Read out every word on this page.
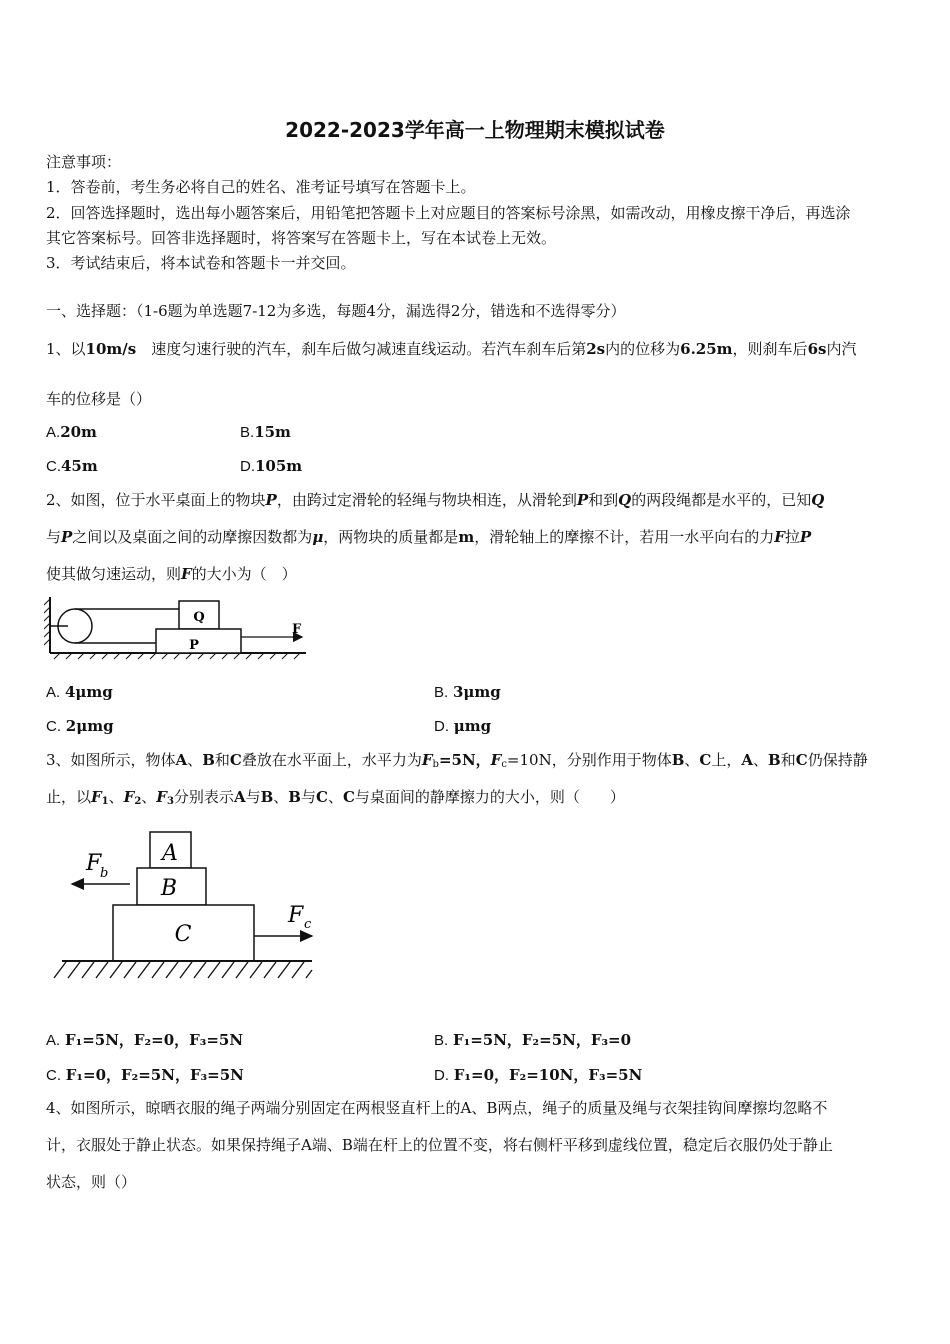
2022-2023学年高一上物理期末模拟试卷
注意事项：
1．答卷前，考生务必将自己的姓名、准考证号填写在答题卡上。
2．回答选择题时，选出每小题答案后，用铅笔把答题卡上对应题目的答案标号涂黑，如需改动，用橡皮擦干净后，再选涂
其它答案标号。回答非选择题时，将答案写在答题卡上，写在本试卷上无效。
3．考试结束后，将本试卷和答题卡一并交回。
一、选择题：（1-6题为单选题7-12为多选，每题4分，漏选得2分，错选和不选得零分）
1、以10m/s　速度匀速行驶的汽车，刹车后做匀减速直线运动。若汽车刹车后第2s内的位移为6.25m，则刹车后6s内汽
车的位移是（）
A.20m	B.15m
C.45m	D.105m
2、如图，位于水平桌面上的物块P，由跨过定滑轮的轻绳与物块相连，从滑轮到P和到Q的两段绳都是水平的，已知Q
与P之间以及桌面之间的动摩擦因数都为μ，两物块的质量都是m，滑轮轴上的摩擦不计，若用一水平向右的力F拉P
使其做匀速运动，则F的大小为（　）
Q
P
F
A. 4μmg	B. 3μmg
C. 2μmg	D. μmg
3、如图所示，物体A、B和C叠放在水平面上，水平力为$F_b=5N$，$F_c=10N$，分别作用于物体B、C上，A、B和C仍保持静
止，以$F_1$、$F_2$、$F_3$分别表示A与B、B与C、C与桌面间的静摩擦力的大小，则（　　）
A
B
C
F
b
F c
A. F₁=5N，F₂=0，F₃=5N	B. F₁=5N，F₂=5N，F₃=0
C. F₁=0，F₂=5N，F₃=5N	D. F₁=0，F₂=10N，F₃=5N
4、如图所示，晾晒衣服的绳子两端分别固定在两根竖直杆上的A、B两点，绳子的质量及绳与衣架挂钩间摩擦均忽略不
计，衣服处于静止状态。如果保持绳子A端、B端在杆上的位置不变，将右侧杆平移到虚线位置，稳定后衣服仍处于静止
状态，则（）
